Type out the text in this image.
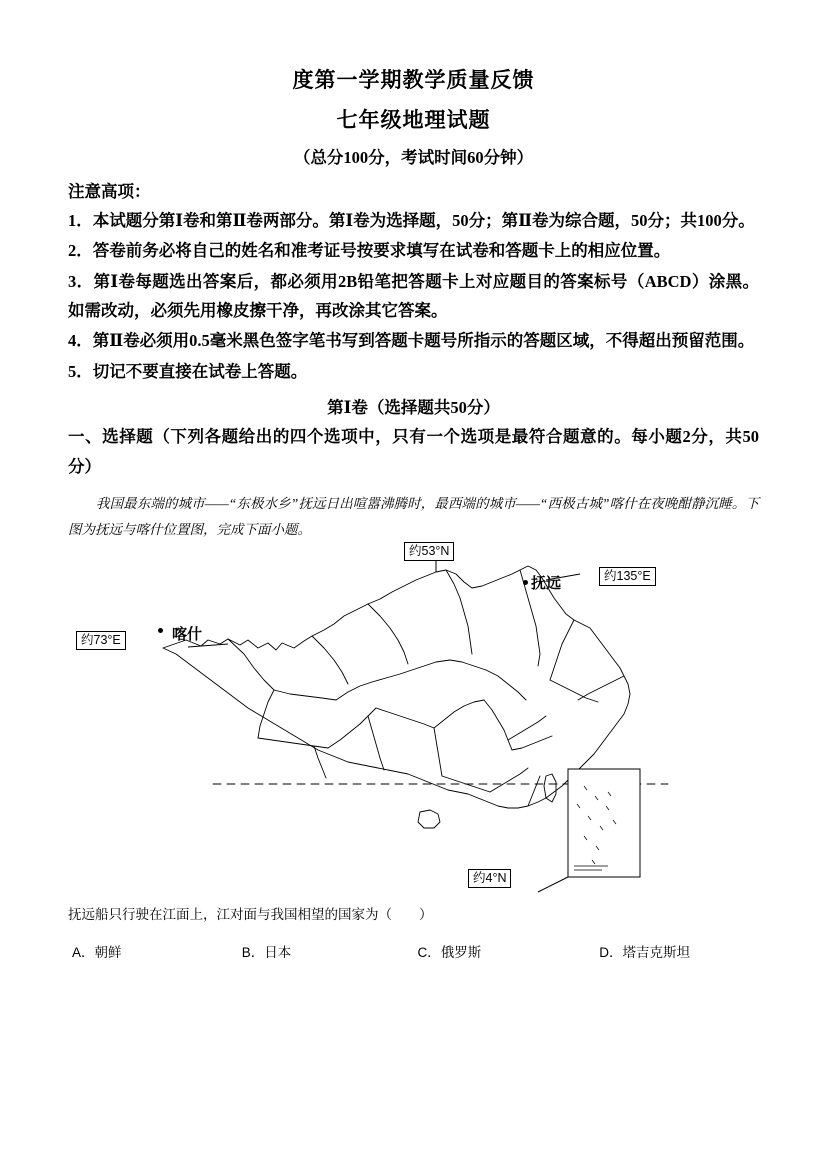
度第一学期教学质量反馈
七年级地理试题
（总分100分，考试时间60分钟）
注意高项：
1．本试题分第Ⅰ卷和第Ⅱ卷两部分。第Ⅰ卷为选择题，50分；第Ⅱ卷为综合题，50分；共100分。
2．答卷前务必将自己的姓名和准考证号按要求填写在试卷和答题卡上的相应位置。
3．第Ⅰ卷每题选出答案后，都必须用2B铅笔把答题卡上对应题目的答案标号（ABCD）涂黑。如需改动，必须先用橡皮擦干净，再改涂其它答案。
4．第Ⅱ卷必须用0.5毫米黑色签字笔书写到答题卡题号所指示的答题区域，不得超出预留范围。
5．切记不要直接在试卷上答题。
第Ⅰ卷（选择题共50分）
一、选择题（下列各题给出的四个选项中，只有一个选项是最符合题意的。每小题2分，共50分）
我国最东端的城市——“东极水乡”抚远日出喧嚣沸腾时，最西端的城市——“西极古城”喀什在夜晚酣静沉睡。下图为抚远与喀什位置图，完成下面小题。
约53°N
约135°E
约73°E
约4°N
抚远
喀什
抚远船只行驶在江面上，江对面与我国相望的国家为（　　）
A．朝鲜	B．日本	C．俄罗斯	D．塔吉克斯坦
